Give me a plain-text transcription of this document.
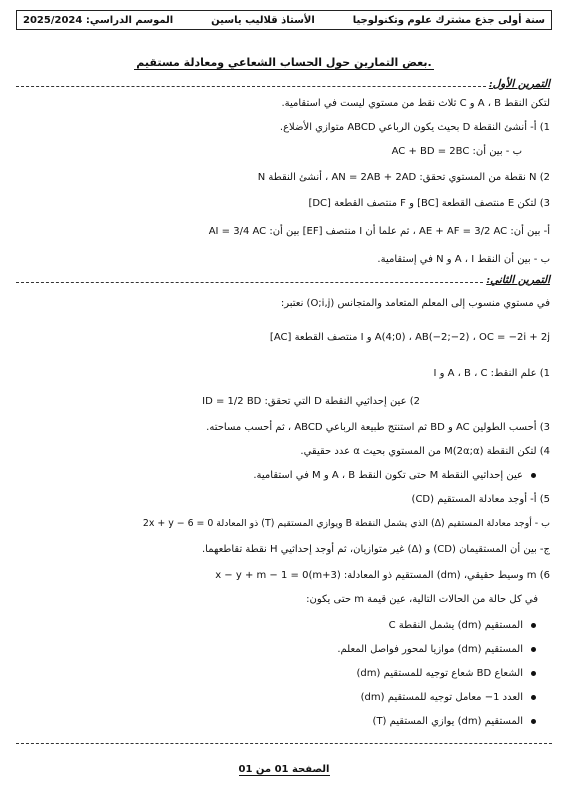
سنة أولى جذع مشترك علوم وتكنولوجيا
الأستاذ قلاليب ياسين
الموسم الدراسي: 2025/2024
بعض التمارين حول الحساب الشعاعي ومعادلة مستقيم.
التمرين الأول:
لتكن النقط A ، B و C ثلاث نقط من مستوي ليست في استقامية.
1) أ- أنشئ النقطة D بحيث يكون الرباعي ABCD متوازي الأضلاع.
ب - بين أن: AC + BD = 2BC
2) N نقطة من المستوي تحقق: AN = 2AB + 2AD ، أنشئ النقطة N
3) لتكن E منتصف القطعة [BC] و F منتصف القطعة [DC]
أ- بين أن: AE + AF = 3/2 AC ، ثم علما أن I منتصف [EF] بين أن: AI = 3/4 AC
ب - بين أن النقط A ، I و N في إستقامية.
التمرين الثاني:
في مستوي منسوب إلى المعلم المتعامد والمتجانس (O;i,j) نعتبر:
A(4;0) ، AB(−2;−2) ، OC = −2i + 2j و I منتصف القطعة [AC]
1) علم النقط: A ، B ، C و I
2) عين إحداثيي النقطة D التي تحقق: ID = 1/2 BD
3) أحسب الطولين AC و BD ثم استنتج طبيعة الرباعي ABCD ، ثم أحسب مساحته.
4) لتكن النقطة M(2α;α) من المستوي بحيث α عدد حقيقي.
عين إحداثيي النقطة M حتى تكون النقط A ، B و M في استقامية.
5) أ- أوجد معادلة المستقيم (CD)
ب - أوجد معادلة المستقيم (Δ) الذي يشمل النقطة B ويوازي المستقيم (T) ذو المعادلة 2x + y − 6 = 0
ج- بين أن المستقيمان (CD) و (Δ) غير متوازيان، ثم أوجد إحداثيي H نقطة تقاطعهما.
6) m وسيط حقيقي، (dm) المستقيم ذو المعادلة: (m+3)x − y + m − 1 = 0
في كل حالة من الحالات التالية، عين قيمة m حتى يكون:
المستقيم (dm) يشمل النقطة C
المستقيم (dm) موازيا لمحور فواصل المعلم.
الشعاع BD شعاع توجيه للمستقيم (dm)
العدد 1− معامل توجيه للمستقيم (dm)
المستقيم (dm) يوازي المستقيم (T)
الصفحة 01 من 01
